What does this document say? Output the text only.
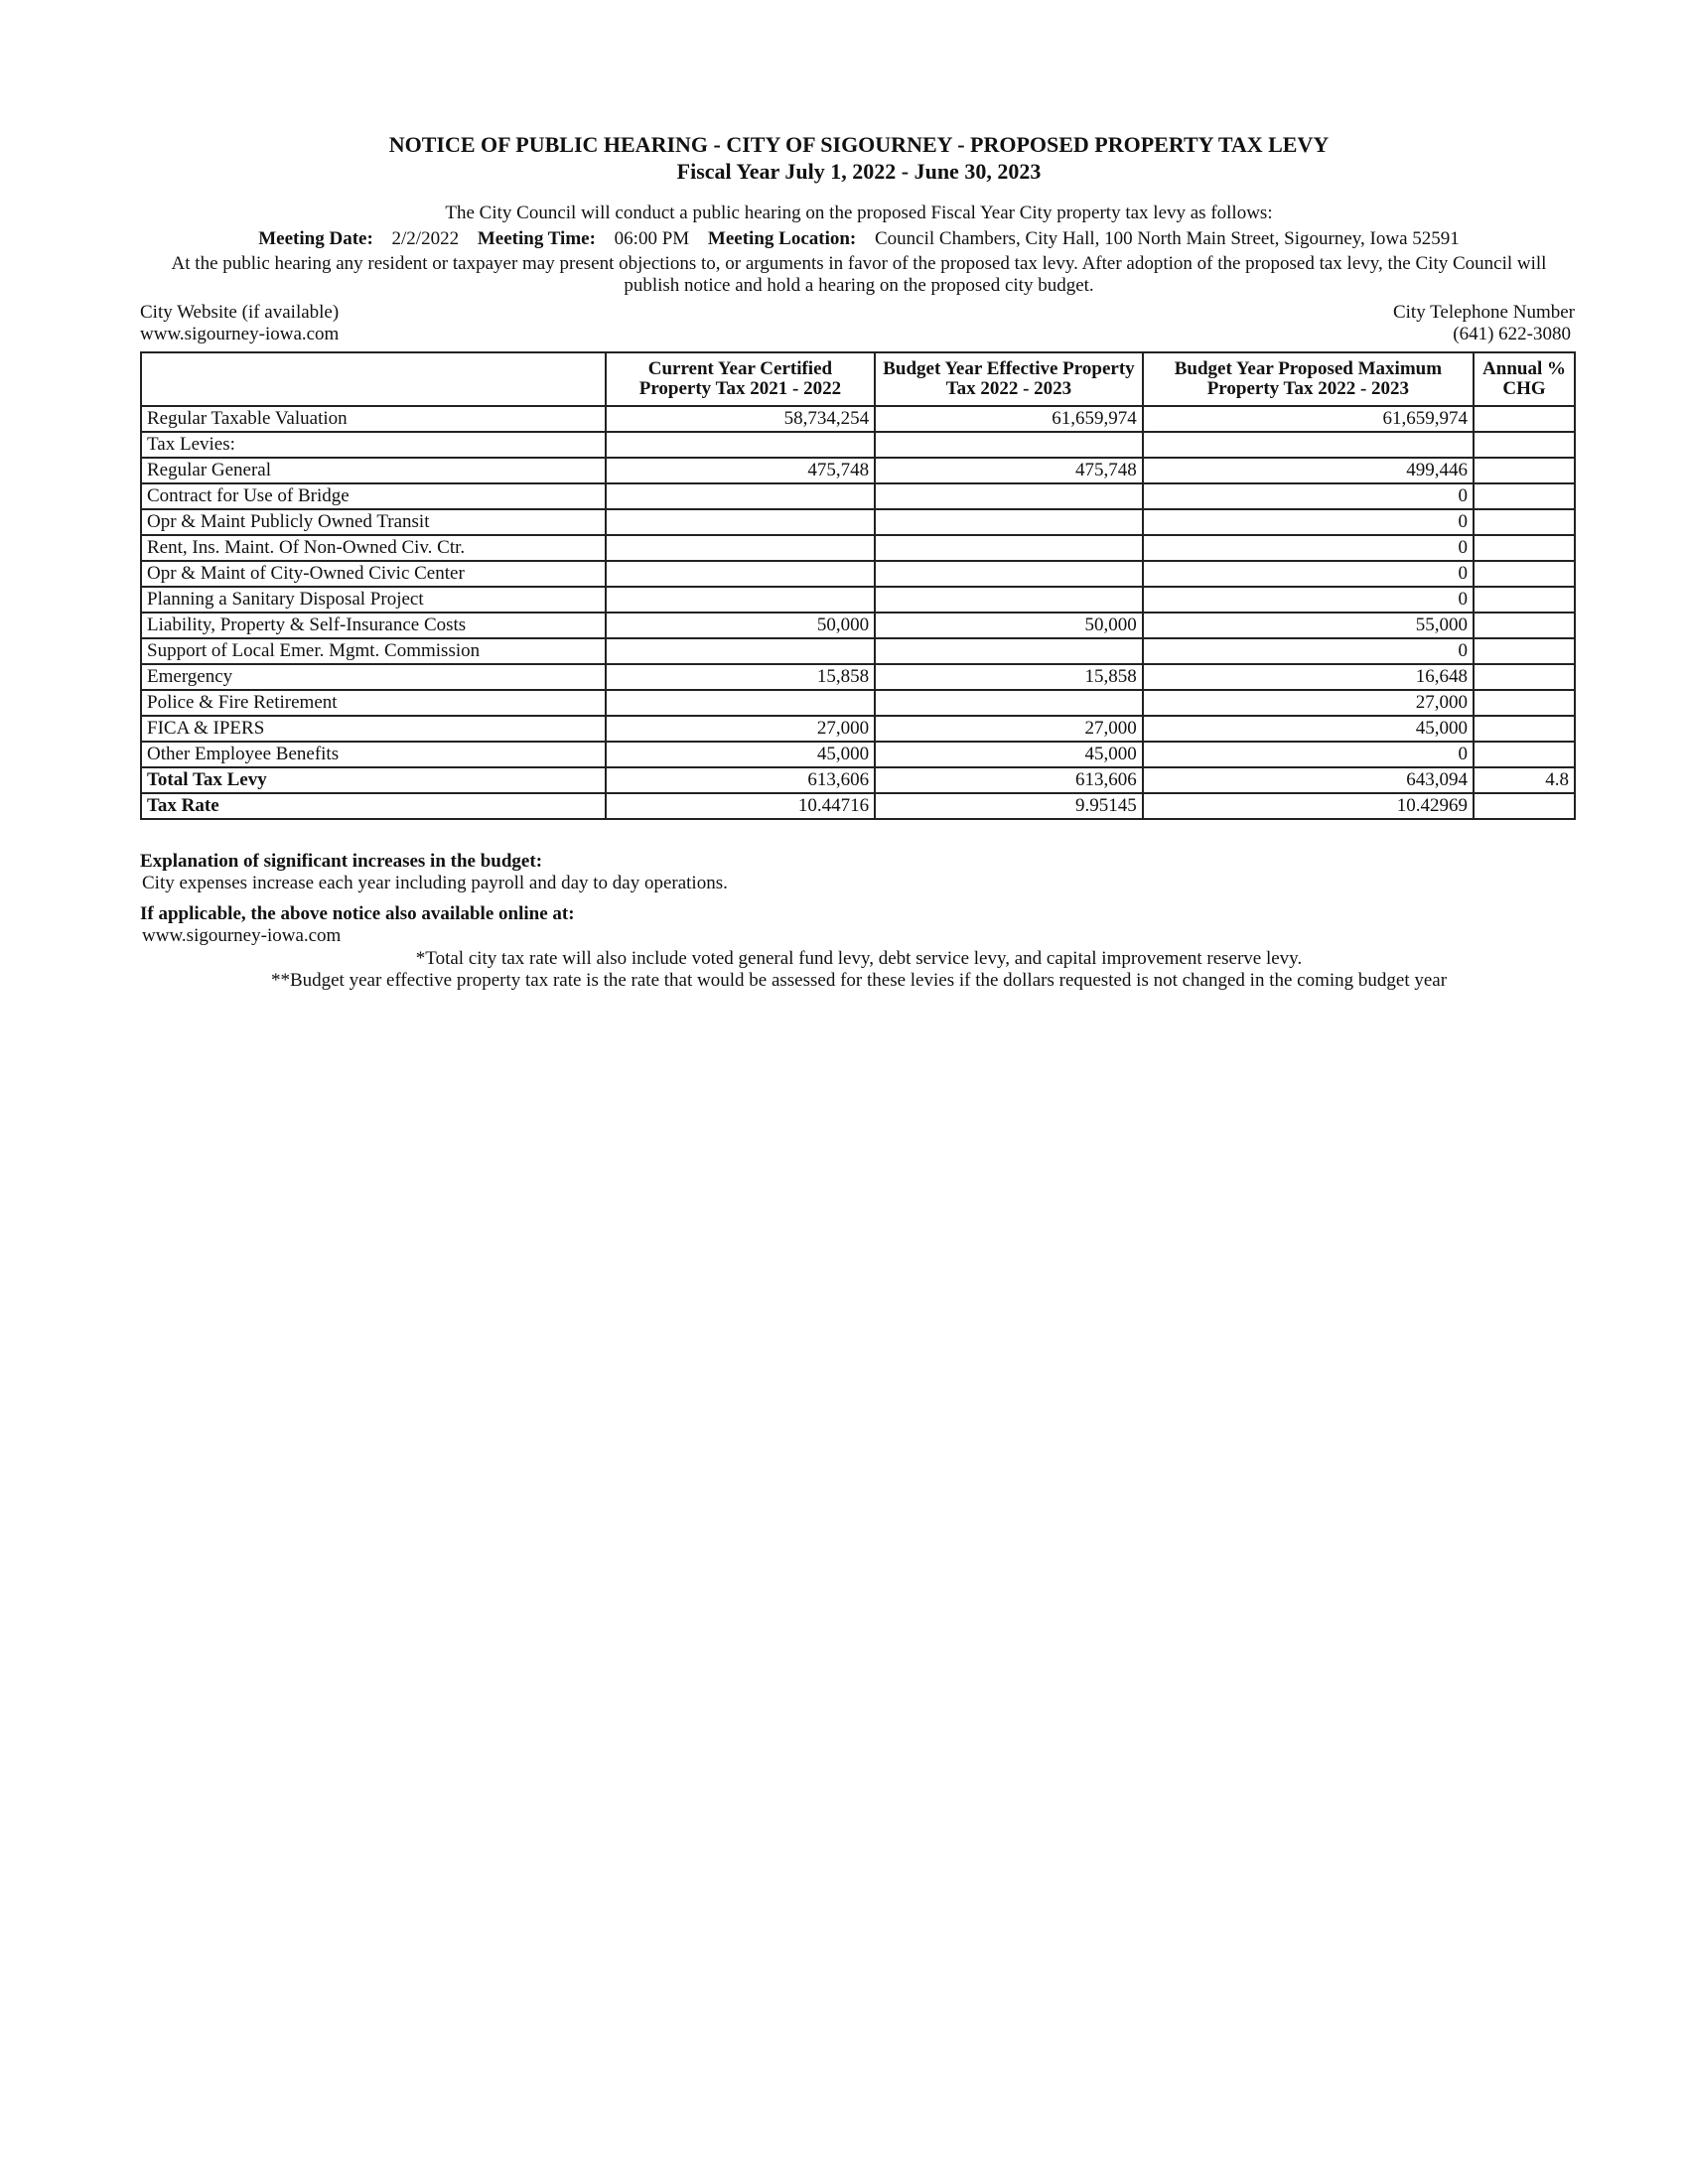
NOTICE OF PUBLIC HEARING - CITY OF SIGOURNEY - PROPOSED PROPERTY TAX LEVY
Fiscal Year July 1, 2022 - June 30, 2023
The City Council will conduct a public hearing on the proposed Fiscal Year City property tax levy as follows:
Meeting Date: 2/2/2022 Meeting Time: 06:00 PM Meeting Location: Council Chambers, City Hall, 100 North Main Street, Sigourney, Iowa 52591
At the public hearing any resident or taxpayer may present objections to, or arguments in favor of the proposed tax levy. After adoption of the proposed tax levy, the City Council will publish notice and hold a hearing on the proposed city budget.
City Website (if available)
www.sigourney-iowa.com
City Telephone Number
(641) 622-3080
	Current Year Certified Property Tax 2021 - 2022	Budget Year Effective Property Tax 2022 - 2023	Budget Year Proposed Maximum Property Tax 2022 - 2023	Annual % CHG
Regular Taxable Valuation	58,734,254	61,659,974	61,659,974	
Tax Levies:				
Regular General	475,748	475,748	499,446	
Contract for Use of Bridge			0	
Opr & Maint Publicly Owned Transit			0	
Rent, Ins. Maint. Of Non-Owned Civ. Ctr.			0	
Opr & Maint of City-Owned Civic Center			0	
Planning a Sanitary Disposal Project			0	
Liability, Property & Self-Insurance Costs	50,000	50,000	55,000	
Support of Local Emer. Mgmt. Commission			0	
Emergency	15,858	15,858	16,648	
Police & Fire Retirement			27,000	
FICA & IPERS	27,000	27,000	45,000	
Other Employee Benefits	45,000	45,000	0	
Total Tax Levy	613,606	613,606	643,094	4.8
Tax Rate	10.44716	9.95145	10.42969	
Explanation of significant increases in the budget:
City expenses increase each year including payroll and day to day operations.
If applicable, the above notice also available online at:
www.sigourney-iowa.com
*Total city tax rate will also include voted general fund levy, debt service levy, and capital improvement reserve levy.
**Budget year effective property tax rate is the rate that would be assessed for these levies if the dollars requested is not changed in the coming budget year
